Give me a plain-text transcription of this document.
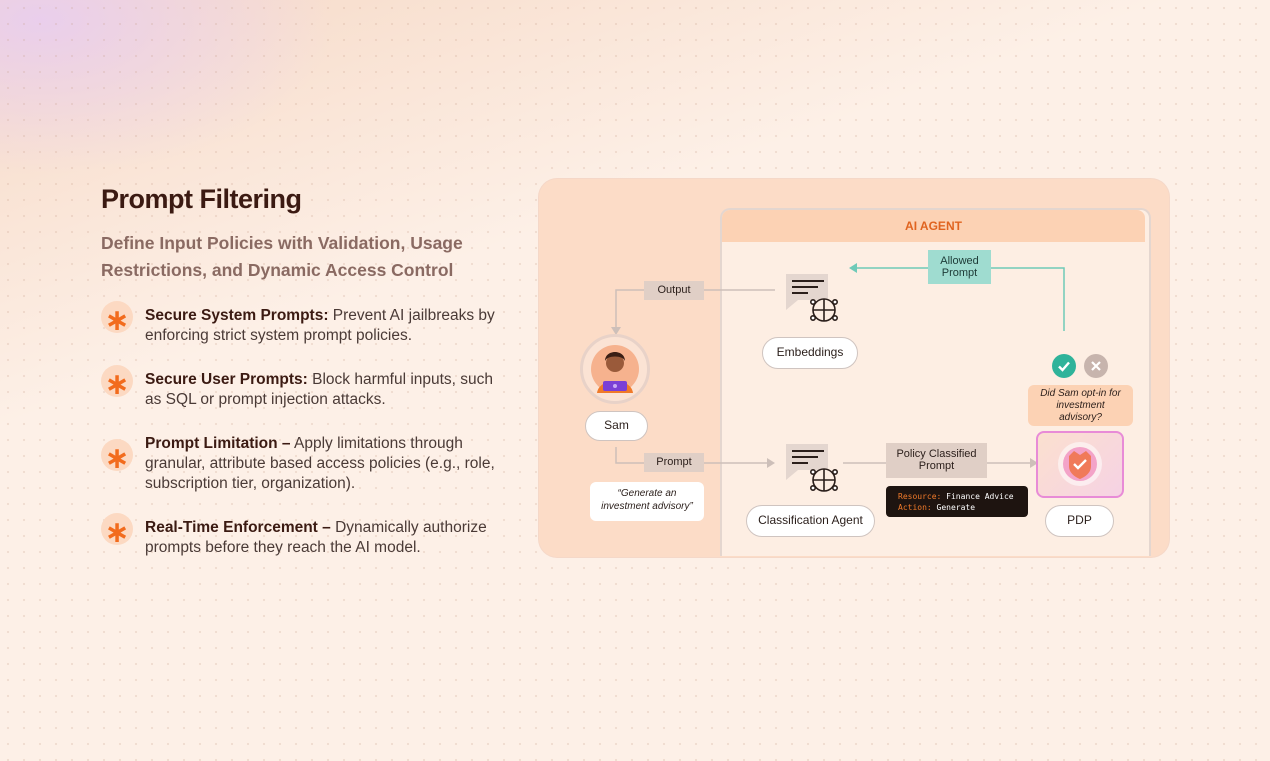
Prompt Filtering

Define Input Policies with Validation, Usage Restrictions, and Dynamic Access Control

∗ Secure System Prompts: Prevent AI jailbreaks by enforcing strict system prompt policies.
∗ Secure User Prompts: Block harmful inputs, such as SQL or prompt injection attacks.
∗ Prompt Limitation – Apply limitations through granular, attribute based access policies (e.g., role, subscription tier, organization).
∗ Real-Time Enforcement – Dynamically authorize prompts before they reach the AI model.
AI AGENT
Sam
Output
Prompt
“Generate an investment advisory”
Embeddings
Classification Agent
Allowed Prompt
Policy Classified Prompt
Resource: Finance Advice
Action: Generate
Did Sam opt-in for investment advisory?
PDP
